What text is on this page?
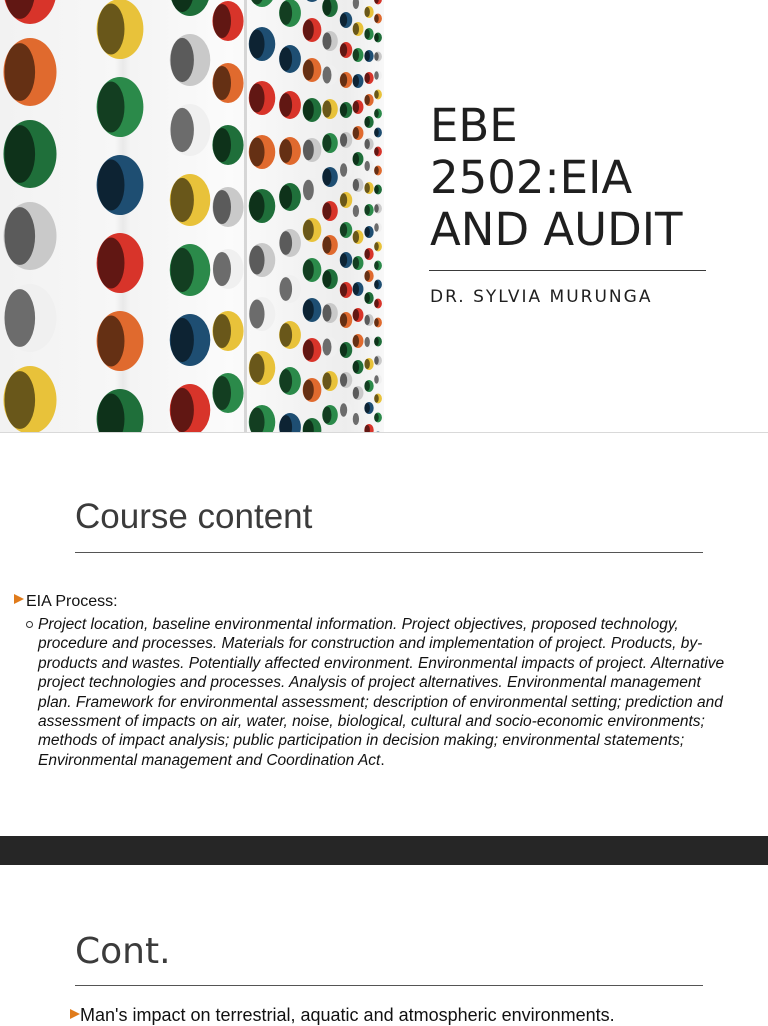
EBE 2502:EIA AND AUDIT
DR. SYLVIA MURUNGA
Course content
EIA Process:
Project location, baseline environmental information. Project objectives, proposed technology, procedure and processes. Materials for construction and implementation of project. Products, by-products and wastes. Potentially affected environment. Environmental impacts of project. Alternative project technologies and processes. Analysis of project alternatives. Environmental management plan. Framework for environmental assessment; description of environmental setting; prediction and assessment of impacts on air, water, noise, biological, cultural and socio-economic environments; methods of impact analysis; public participation in decision making; environmental statements; Environmental management and Coordination Act.
Cont.
Man's impact on terrestrial, aquatic and atmospheric environments.
